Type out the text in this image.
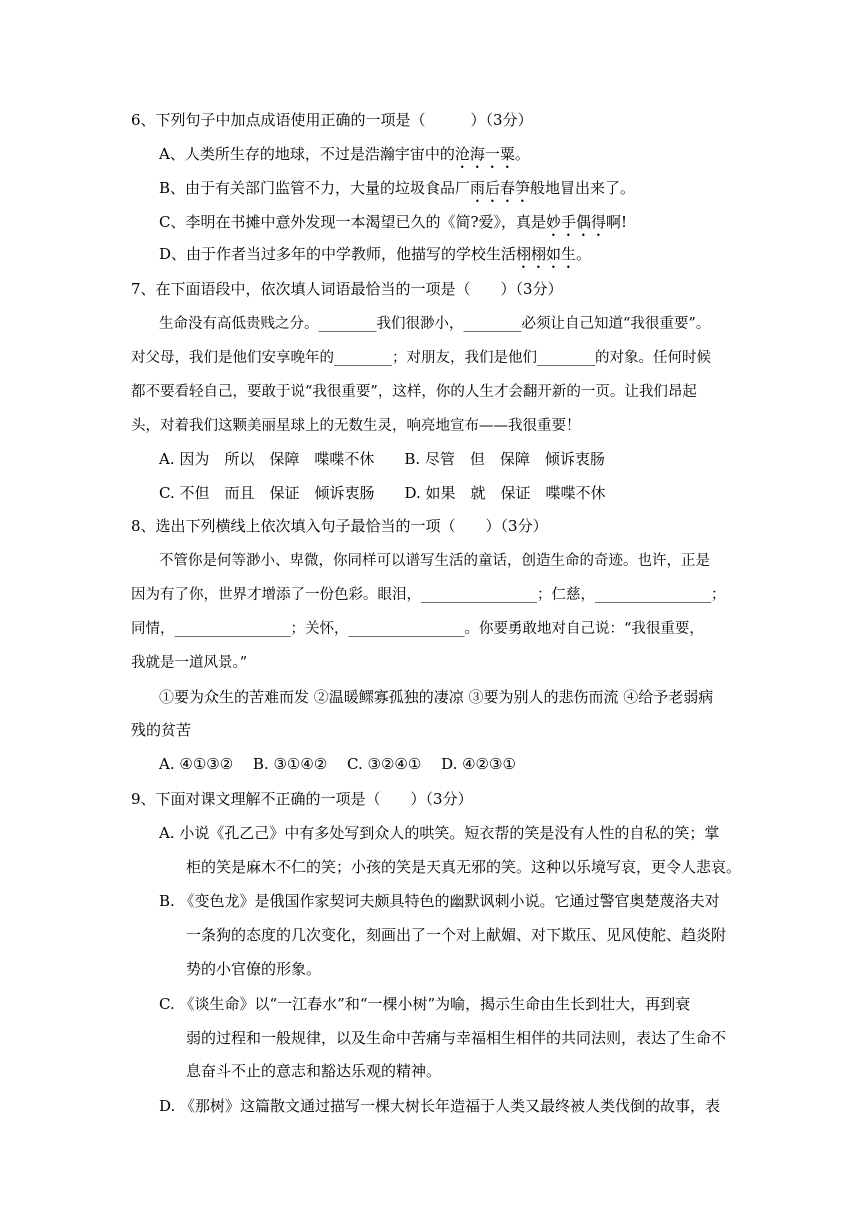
6、下列句子中加点成语使用正确的一项是（　　　）（3分）
A、人类所生存的地球，不过是浩瀚宇宙中的沧海一粟。
B、由于有关部门监管不力，大量的垃圾食品厂雨后春笋般地冒出来了。
C、李明在书摊中意外发现一本渴望已久的《简?爱》，真是妙手偶得啊!
D、由于作者当过多年的中学教师，他描写的学校生活栩栩如生。
7、在下面语段中，依次填人词语最恰当的一项是（　　）（3分）
生命没有高低贵贱之分。________我们很渺小，________必须让自己知道“我很重要”。
对父母，我们是他们安享晚年的________；对朋友，我们是他们________的对象。任何时候
都不要看轻自己，要敢于说“我很重要”，这样，你的人生才会翻开新的一页。让我们昂起
头，对着我们这颗美丽星球上的无数生灵，响亮地宣布——我很重要！
A. 因为　所以　保障　喋喋不休　　B. 尽管　但　保障　倾诉衷肠
C. 不但　而且　保证　倾诉衷肠　　D. 如果　就　保证　喋喋不休
8、选出下列横线上依次填入句子最恰当的一项（　　）（3分）
不管你是何等渺小、卑微，你同样可以谱写生活的童话，创造生命的奇迹。也许，正是
因为有了你，世界才增添了一份色彩。眼泪，________________；仁慈，________________；
同情，________________；关怀，________________。你要勇敢地对自己说：“我很重要，
我就是一道风景。”
①要为众生的苦难而发 ②温暖鳏寡孤独的凄凉 ③要为别人的悲伤而流 ④给予老弱病
残的贫苦
A. ④①③②　 B. ③①④②　 C. ③②④①　 D. ④②③①
9、下面对课文理解不正确的一项是（　　）（3分）
A. 小说《孔乙己》中有多处写到众人的哄笑。短衣帮的笑是没有人性的自私的笑；掌
柜的笑是麻木不仁的笑；小孩的笑是天真无邪的笑。这种以乐境写哀，更令人悲哀。
B. 《变色龙》是俄国作家契诃夫颇具特色的幽默讽刺小说。它通过警官奥楚蔑洛夫对
一条狗的态度的几次变化，刻画出了一个对上献媚、对下欺压、见风使舵、趋炎附
势的小官僚的形象。
C. 《谈生命》以“一江春水”和“一棵小树”为喻，揭示生命由生长到壮大，再到衰
弱的过程和一般规律，以及生命中苦痛与幸福相生相伴的共同法则，表达了生命不
息奋斗不止的意志和豁达乐观的精神。
D. 《那树》这篇散文通过描写一棵大树长年造福于人类又最终被人类伐倒的故事，表
